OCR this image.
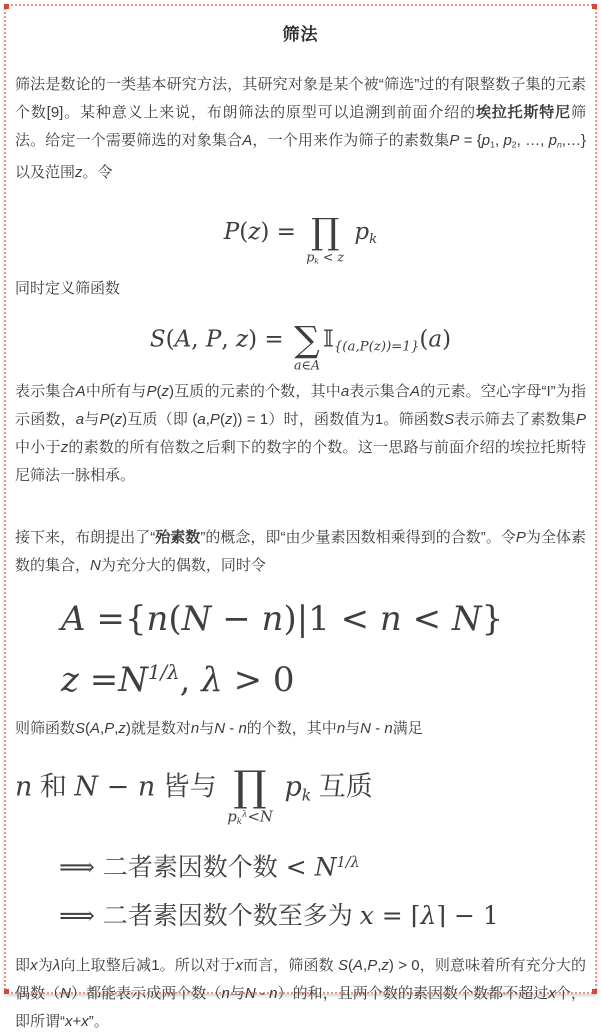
筛法

筛法是数论的一类基本研究方法，其研究对象是某个被“筛选”过的有限整数子集的元素个数[9]。某种意义上来说，布朗筛法的原型可以追溯到前面介绍的埃拉托斯特尼筛法。给定一个需要筛选的对象集合A，一个用来作为筛子的素数集P = {p1, p2, …, pn,…} 以及范围z。令

P(z) = ∏
pk < z
pk

同时定义筛函数

S(A, P, z) = ∑
a∈A
𝕀{(a,P(z))=1}(a)

表示集合A中所有与P(z)互质的元素的个数，其中a表示集合A的元素。空心字母“I”为指示函数，a与P(z)互质（即 (a,P(z)) = 1）时，函数值为1。筛函数S表示筛去了素数集P中小于z的素数的所有倍数之后剩下的数字的个数。这一思路与前面介绍的埃拉托斯特尼筛法一脉相承。

接下来，布朗提出了“殆素数”的概念，即“由少量素因数相乘得到的合数”。令P为全体素数的集合，N为充分大的偶数，同时令

A ={n(N − n)|1 < n < N}
$z =N^{1/\lambda}$, λ > 0

则筛函数S(A,P,z)就是数对n与N - n的个数，其中n与N - n满足

n 和 N − n 皆与 ∏
$pk^\lambda<N$
pk 互质
⟹ 二者素因数个数 < $N^{1/\lambda}$
⟹ 二者素因数个数至多为 x = ⌈λ⌉ − 1

即x为λ向上取整后减1。所以对于x而言，筛函数 S(A,P,z) > 0，则意味着所有充分大的偶数（N）都能表示成两个数（n与N - n）的和，且两个数的素因数个数都不超过x个，即所谓“x+x”。
